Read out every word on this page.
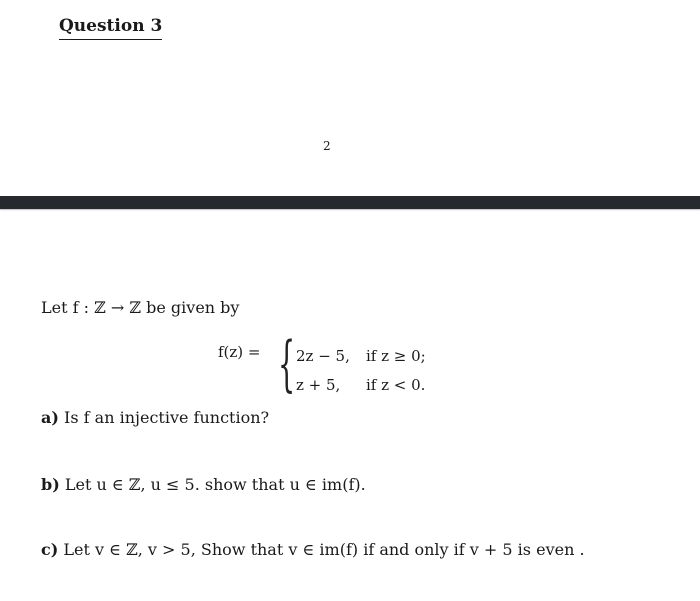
Question 3
2
Let f : ℤ → ℤ be given by
f(z) = { 2z − 5, if z ≥ 0;
z + 5, if z < 0.
a) Is f an injective function?
b) Let u ∈ ℤ, u ≤ 5. show that u ∈ im(f).
c) Let v ∈ ℤ, v > 5, Show that v ∈ im(f) if and only if v + 5 is even .
